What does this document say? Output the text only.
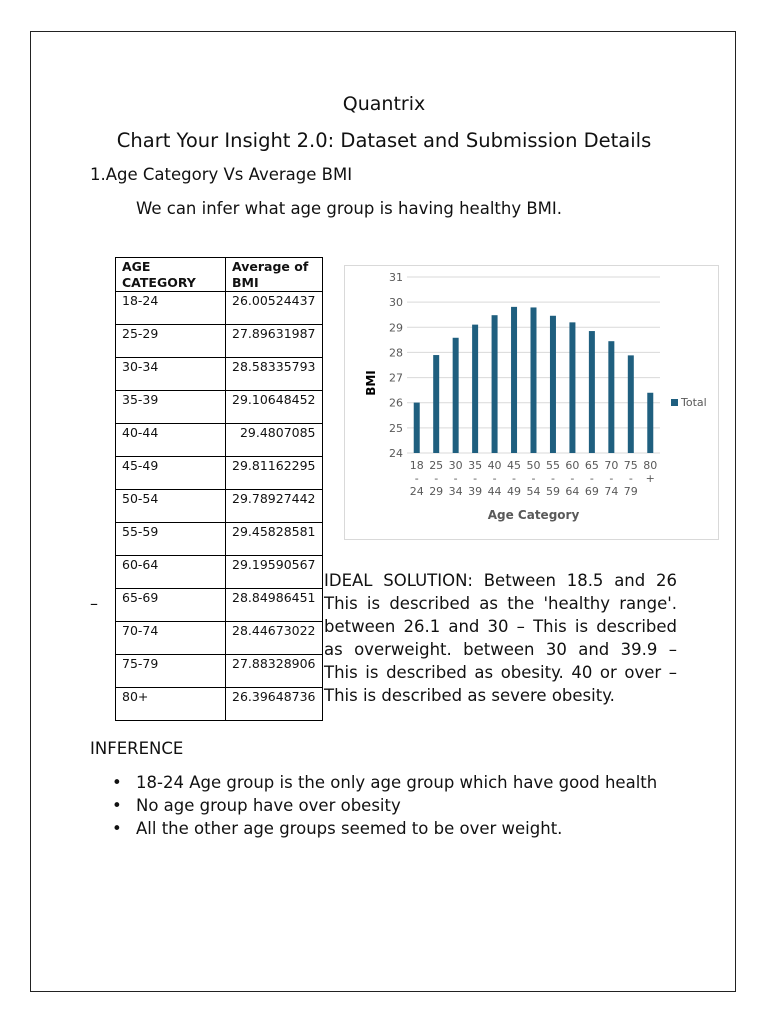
Quantrix
Chart Your Insight 2.0: Dataset and Submission Details
1.Age Category Vs Average BMI
We can infer what age group is having healthy BMI.
AGE CATEGORY	Average of BMI
18-24	26.00524437
25-29	27.89631987
30-34	28.58335793
35-39	29.10648452
40-44	29.4807085
45-49	29.81162295
50-54	29.78927442
55-59	29.45828581
60-64	29.19590567
65-69	28.84986451
70-74	28.44673022
75-79	27.88328906
80+	26.39648736
–
24
25
26
27
28
29
30
31
18
-
24
25
-
29
30
-
34
35
-
39
40
-
44
45
-
49
50
-
54
55
-
59
60
-
64
65
-
69
70
-
74
75
-
79
80
+
Age Category
BMI
Total
IDEAL SOLUTION: Between 18.5 and 26 This is described as the 'healthy range'. between 26.1 and 30 – This is described as overweight. between 30 and 39.9 – This is described as obesity. 40 or over – This is described as severe obesity.
INFERENCE
• 18-24 Age group is the only age group which have good health
• No age group have over obesity
• All the other age groups seemed to be over weight.
